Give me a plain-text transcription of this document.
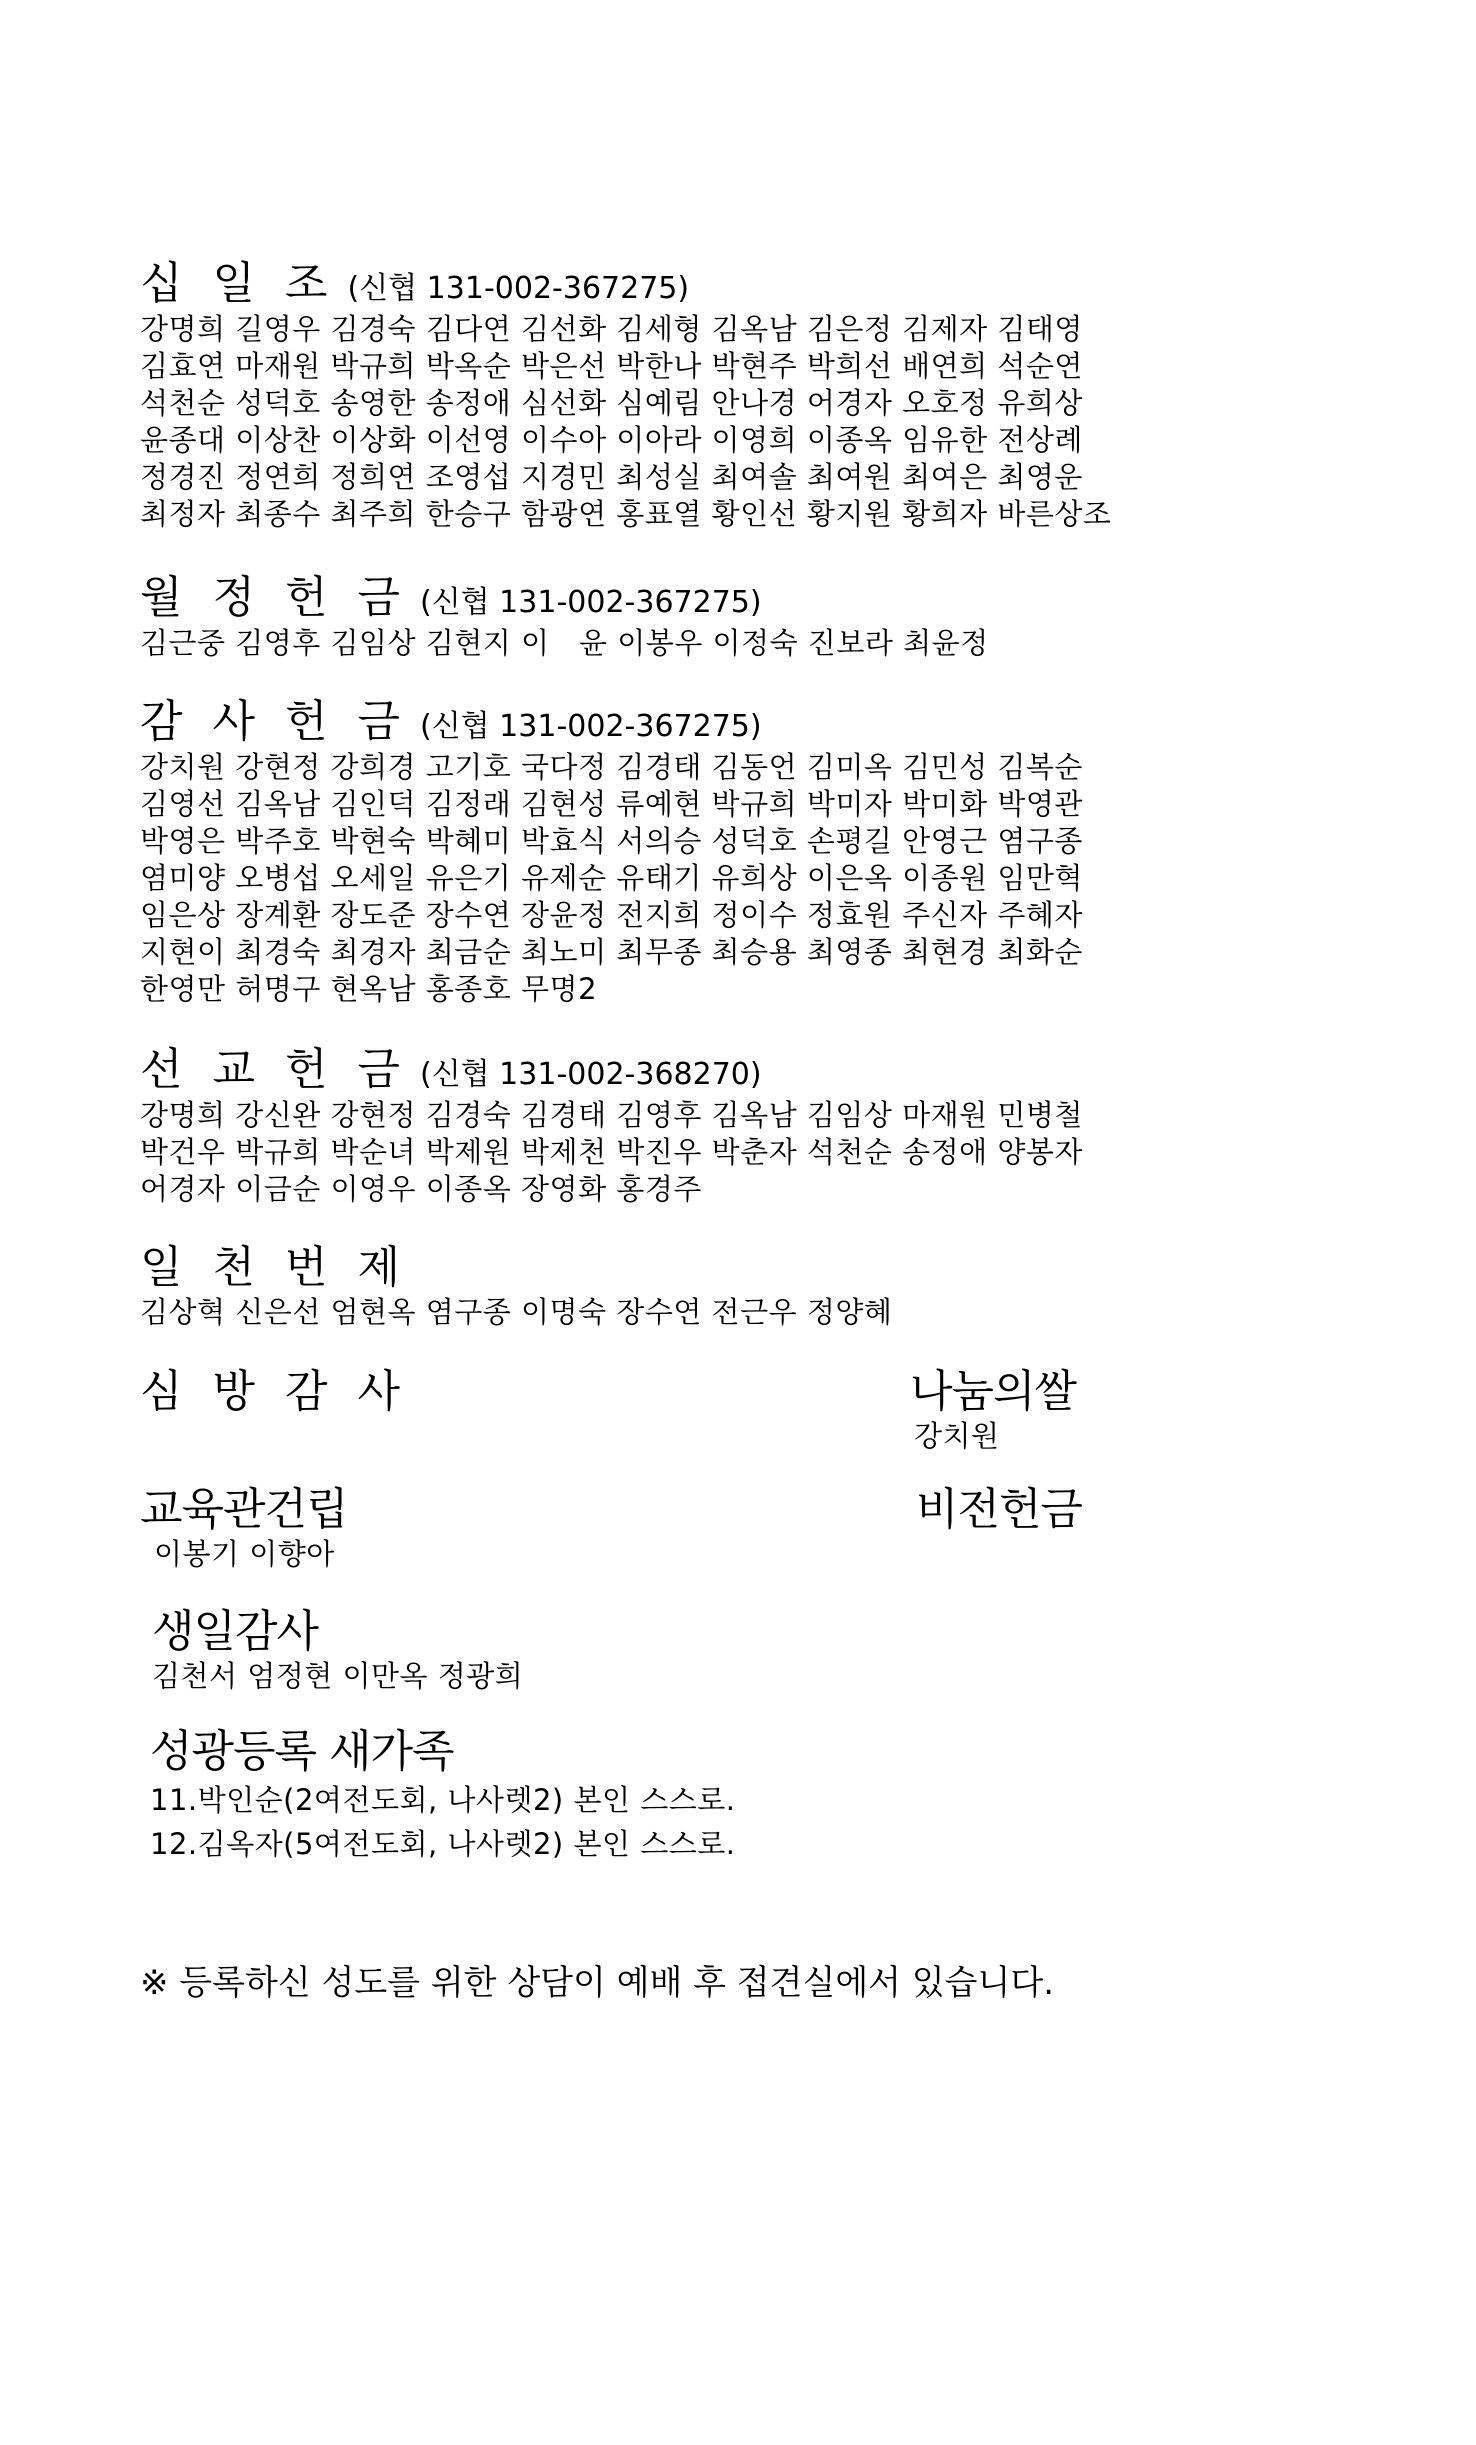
십 일 조 (신협 131-002-367275)
강명희 길영우 김경숙 김다연 김선화 김세형 김옥남 김은정 김제자 김태영
김효연 마재원 박규희 박옥순 박은선 박한나 박현주 박희선 배연희 석순연
석천순 성덕호 송영한 송정애 심선화 심예림 안나경 어경자 오호정 유희상
윤종대 이상찬 이상화 이선영 이수아 이아라 이영희 이종옥 임유한 전상례
정경진 정연희 정희연 조영섭 지경민 최성실 최여솔 최여원 최여은 최영운
최정자 최종수 최주희 한승구 함광연 홍표열 황인선 황지원 황희자 바른상조
월 정 헌 금 (신협 131-002-367275)
김근중 김영후 김임상 김현지 이　윤 이봉우 이정숙 진보라 최윤정
감 사 헌 금 (신협 131-002-367275)
강치원 강현정 강희경 고기호 국다정 김경태 김동언 김미옥 김민성 김복순
김영선 김옥남 김인덕 김정래 김현성 류예현 박규희 박미자 박미화 박영관
박영은 박주호 박현숙 박혜미 박효식 서의승 성덕호 손평길 안영근 염구종
염미양 오병섭 오세일 유은기 유제순 유태기 유희상 이은옥 이종원 임만혁
임은상 장계환 장도준 장수연 장윤정 전지희 정이수 정효원 주신자 주혜자
지현이 최경숙 최경자 최금순 최노미 최무종 최승용 최영종 최현경 최화순
한영만 허명구 현옥남 홍종호 무명2
선 교 헌 금 (신협 131-002-368270)
강명희 강신완 강현정 김경숙 김경태 김영후 김옥남 김임상 마재원 민병철
박건우 박규희 박순녀 박제원 박제천 박진우 박춘자 석천순 송정애 양봉자
어경자 이금순 이영우 이종옥 장영화 홍경주
일 천 번 제
김상혁 신은선 엄현옥 염구종 이명숙 장수연 전근우 정양혜
심 방 감 사	나눔의쌀
강치원
교육관건립
이봉기 이향아
비전헌금
생일감사
김천서 엄정현 이만옥 정광희
성광등록 새가족
11.박인순(2여전도회, 나사렛2) 본인 스스로.
12.김옥자(5여전도회, 나사렛2) 본인 스스로.
※ 등록하신 성도를 위한 상담이 예배 후 접견실에서 있습니다.
